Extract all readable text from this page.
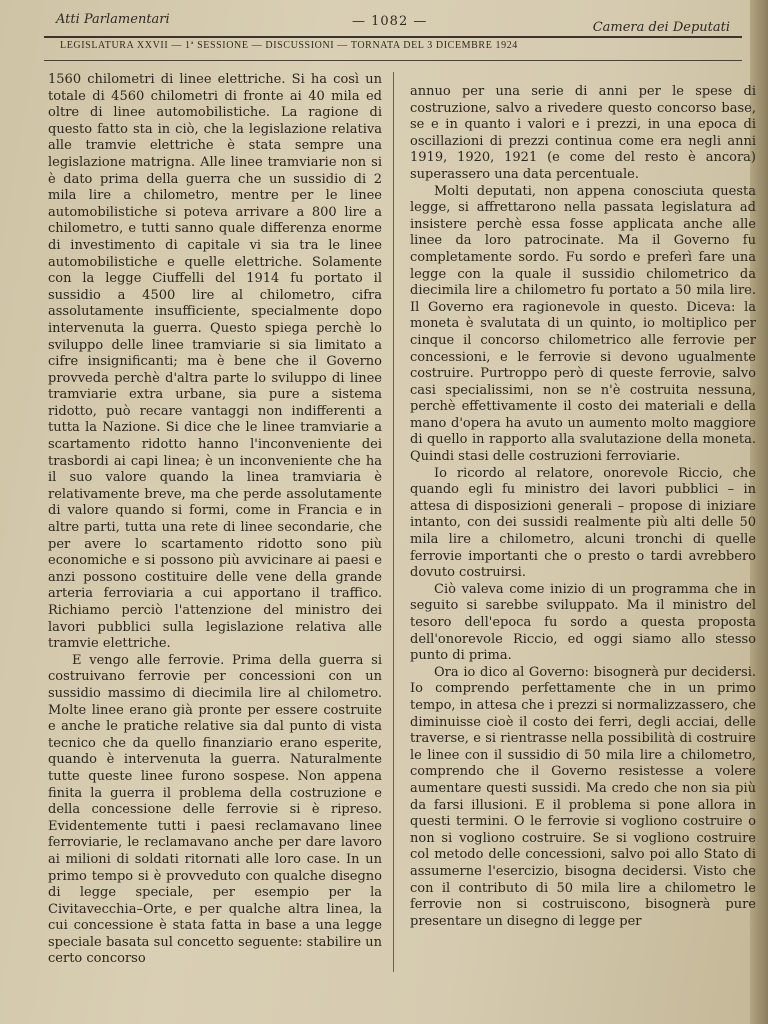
Atti Parlamentari	— 1082 —	Camera dei Deputati
LEGISLATURA XXVII — 1ª SESSIONE — DISCUSSIONI — TORNATA DEL 3 DICEMBRE 1924

1560 chilometri di linee elettriche. Si ha così un totale di 4560 chilometri di fronte ai 40 mila ed oltre di linee automobilistiche. La ragione di questo fatto sta in ciò, che la legislazione relativa alle tramvie elettriche è stata sempre una legislazione matrigna. Alle linee tramviarie non si è dato prima della guerra che un sussidio di 2 mila lire a chilometro, mentre per le linee automobilistiche si poteva arrivare a 800 lire a chilometro, e tutti sanno quale differenza enorme di investimento di capitale vi sia tra le linee automobilistiche e quelle elettriche. Solamente con la legge Ciuffelli del 1914 fu portato il sussidio a 4500 lire al chilometro, cifra assolutamente insufficiente, specialmente dopo intervenuta la guerra. Questo spiega perchè lo sviluppo delle linee tramviarie si sia limitato a cifre insignificanti; ma è bene che il Governo provveda perchè d'altra parte lo sviluppo di linee tramviarie extra urbane, sia pure a sistema ridotto, può recare vantaggi non indifferenti a tutta la Nazione. Si dice che le linee tramviarie a scartamento ridotto hanno l'inconveniente dei trasbordi ai capi linea; è un inconveniente che ha il suo valore quando la linea tramviaria è relativamente breve, ma che perde assolutamente di valore quando si formi, come in Francia e in altre parti, tutta una rete di linee secondarie, che per avere lo scartamento ridotto sono più economiche e si possono più avvicinare ai paesi e anzi possono costituire delle vene della grande arteria ferroviaria a cui apportano il traffico. Richiamo perciò l'attenzione del ministro dei lavori pubblici sulla legislazione relativa alle tramvie elettriche.

E vengo alle ferrovie. Prima della guerra si costruivano ferrovie per concessioni con un sussidio massimo di diecimila lire al chilometro. Molte linee erano già pronte per essere costruite e anche le pratiche relative sia dal punto di vista tecnico che da quello finanziario erano esperite, quando è intervenuta la guerra. Naturalmente tutte queste linee furono sospese. Non appena finita la guerra il problema della costruzione e della concessione delle ferrovie si è ripreso. Evidentemente tutti i paesi reclamavano linee ferroviarie, le reclamavano anche per dare lavoro ai milioni di soldati ritornati alle loro case. In un primo tempo si è provveduto con qualche disegno di legge speciale, per esempio per la Civitavecchia–Orte, e per qualche altra linea, la cui concessione è stata fatta in base a una legge speciale basata sul concetto seguente: stabilire un certo concorso

annuo per una serie di anni per le spese di costruzione, salvo a rivedere questo concorso base, se e in quanto i valori e i prezzi, in una epoca di oscillazioni di prezzi continua come era negli anni 1919, 1920, 1921 (e come del resto è ancora) superassero una data percentuale.

Molti deputati, non appena conosciuta questa legge, si affrettarono nella passata legislatura ad insistere perchè essa fosse applicata anche alle linee da loro patrocinate. Ma il Governo fu completamente sordo. Fu sordo e preferì fare una legge con la quale il sussidio chilometrico da diecimila lire a chilometro fu portato a 50 mila lire. Il Governo era ragionevole in questo. Diceva: la moneta è svalutata di un quinto, io moltiplico per cinque il concorso chilometrico alle ferrovie per concessioni, e le ferrovie si devono ugualmente costruire. Purtroppo però di queste ferrovie, salvo casi specialissimi, non se n'è costruita nessuna, perchè effettivamente il costo dei materiali e della mano d'opera ha avuto un aumento molto maggiore di quello in rapporto alla svalutazione della moneta. Quindi stasi delle costruzioni ferroviarie.

Io ricordo al relatore, onorevole Riccio, che quando egli fu ministro dei lavori pubblici – in attesa di disposizioni generali – propose di iniziare intanto, con dei sussidi realmente più alti delle 50 mila lire a chilometro, alcuni tronchi di quelle ferrovie importanti che o presto o tardi avrebbero dovuto costruirsi.

Ciò valeva come inizio di un programma che in seguito si sarebbe sviluppato. Ma il ministro del tesoro dell'epoca fu sordo a questa proposta dell'onorevole Riccio, ed oggi siamo allo stesso punto di prima.

Ora io dico al Governo: bisognerà pur decidersi. Io comprendo perfettamente che in un primo tempo, in attesa che i prezzi si normalizzassero, che diminuisse cioè il costo dei ferri, degli acciai, delle traverse, e si rientrasse nella possibilità di costruire le linee con il sussidio di 50 mila lire a chilometro, comprendo che il Governo resistesse a volere aumentare questi sussidi. Ma credo che non sia più da farsi illusioni. E il problema si pone allora in questi termini. O le ferrovie si vogliono costruire o non si vogliono costruire. Se si vogliono costruire col metodo delle concessioni, salvo poi allo Stato di assumerne l'esercizio, bisogna decidersi. Visto che con il contributo di 50 mila lire a chilometro le ferrovie non si costruiscono, bisognerà pure presentare un disegno di legge per
